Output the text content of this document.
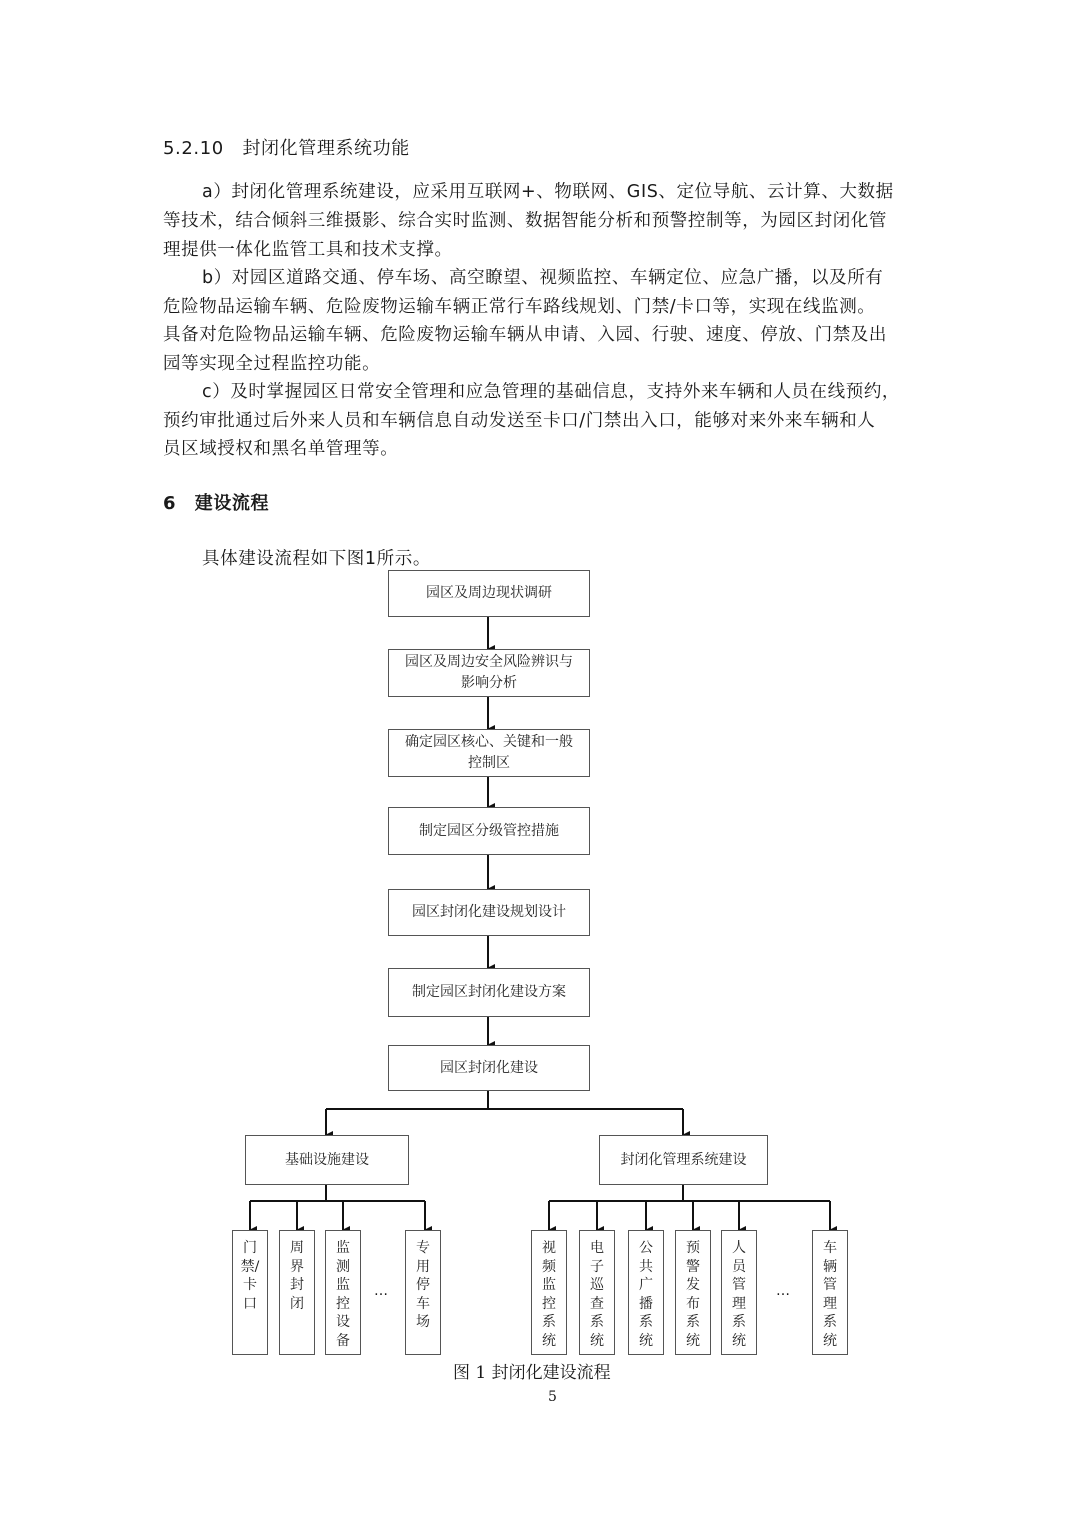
5.2.10　封闭化管理系统功能
a）封闭化管理系统建设，应采用互联网+、物联网、GIS、定位导航、云计算、大数据
等技术，结合倾斜三维摄影、综合实时监测、数据智能分析和预警控制等，为园区封闭化管
理提供一体化监管工具和技术支撑。
b）对园区道路交通、停车场、高空瞭望、视频监控、车辆定位、应急广播，以及所有
危险物品运输车辆、危险废物运输车辆正常行车路线规划、门禁/卡口等，实现在线监测。
具备对危险物品运输车辆、危险废物运输车辆从申请、入园、行驶、速度、停放、门禁及出
园等实现全过程监控功能。
c）及时掌握园区日常安全管理和应急管理的基础信息，支持外来车辆和人员在线预约，
预约审批通过后外来人员和车辆信息自动发送至卡口/门禁出入口，能够对来外来车辆和人
员区域授权和黑名单管理等。
6　建设流程
具体建设流程如下图1所示。
园区及周边现状调研
园区及周边安全风险辨识与
影响分析
确定园区核心、关键和一般
控制区
制定园区分级管控措施
园区封闭化建设规划设计
制定园区封闭化建设方案
园区封闭化建设
基础设施建设	封闭化管理系统建设
门
禁/
卡
口
周
界
封
闭
监
测
监
控
设
备
…
专
用
停
车
场
视
频
监
控
系
统
电
子
巡
查
系
统
公
共
广
播
系
统
预
警
发
布
系
统
人
员
管
理
系
统
…
车
辆
管
理
系
统
图 1 封闭化建设流程
5
